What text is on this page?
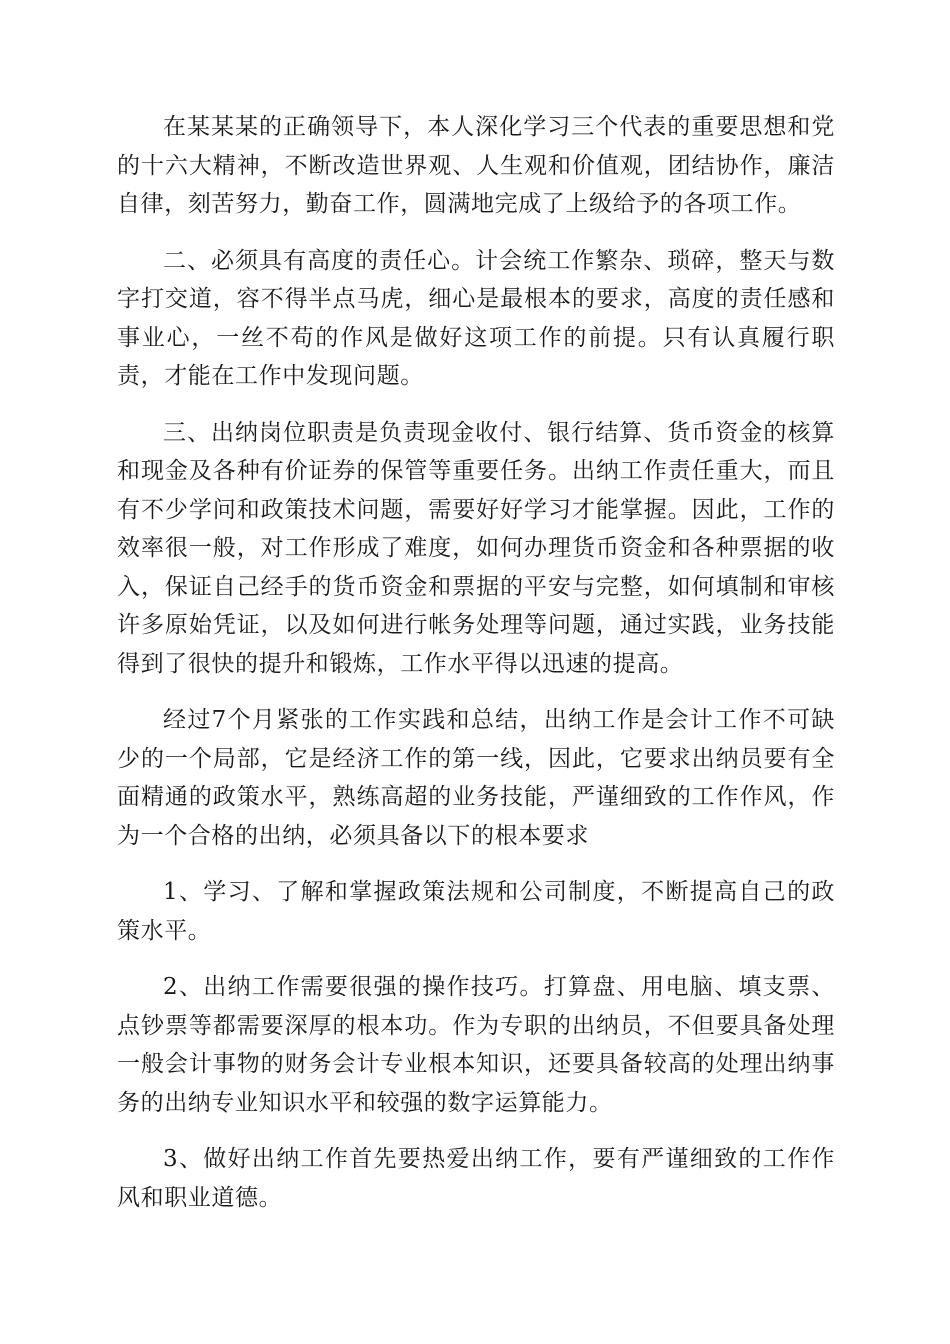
在某某某的正确领导下，本人深化学习三个代表的重要思想和党的十六大精神，不断改造世界观、人生观和价值观，团结协作，廉洁自律，刻苦努力，勤奋工作，圆满地完成了上级给予的各项工作。

二、必须具有高度的责任心。计会统工作繁杂、琐碎，整天与数字打交道，容不得半点马虎，细心是最根本的要求，高度的责任感和事业心，一丝不苟的作风是做好这项工作的前提。只有认真履行职责，才能在工作中发现问题。

三、出纳岗位职责是负责现金收付、银行结算、货币资金的核算和现金及各种有价证券的保管等重要任务。出纳工作责任重大，而且有不少学问和政策技术问题，需要好好学习才能掌握。因此，工作的效率很一般，对工作形成了难度，如何办理货币资金和各种票据的收入，保证自己经手的货币资金和票据的平安与完整，如何填制和审核许多原始凭证，以及如何进行帐务处理等问题，通过实践，业务技能得到了很快的提升和锻炼，工作水平得以迅速的提高。

经过7个月紧张的工作实践和总结，出纳工作是会计工作不可缺少的一个局部，它是经济工作的第一线，因此，它要求出纳员要有全面精通的政策水平，熟练高超的业务技能，严谨细致的工作作风，作为一个合格的出纳，必须具备以下的根本要求

1、学习、了解和掌握政策法规和公司制度，不断提高自己的政策水平。

2、出纳工作需要很强的操作技巧。打算盘、用电脑、填支票、点钞票等都需要深厚的根本功。作为专职的出纳员，不但要具备处理一般会计事物的财务会计专业根本知识，还要具备较高的处理出纳事务的出纳专业知识水平和较强的数字运算能力。

3、做好出纳工作首先要热爱出纳工作，要有严谨细致的工作作风和职业道德。
